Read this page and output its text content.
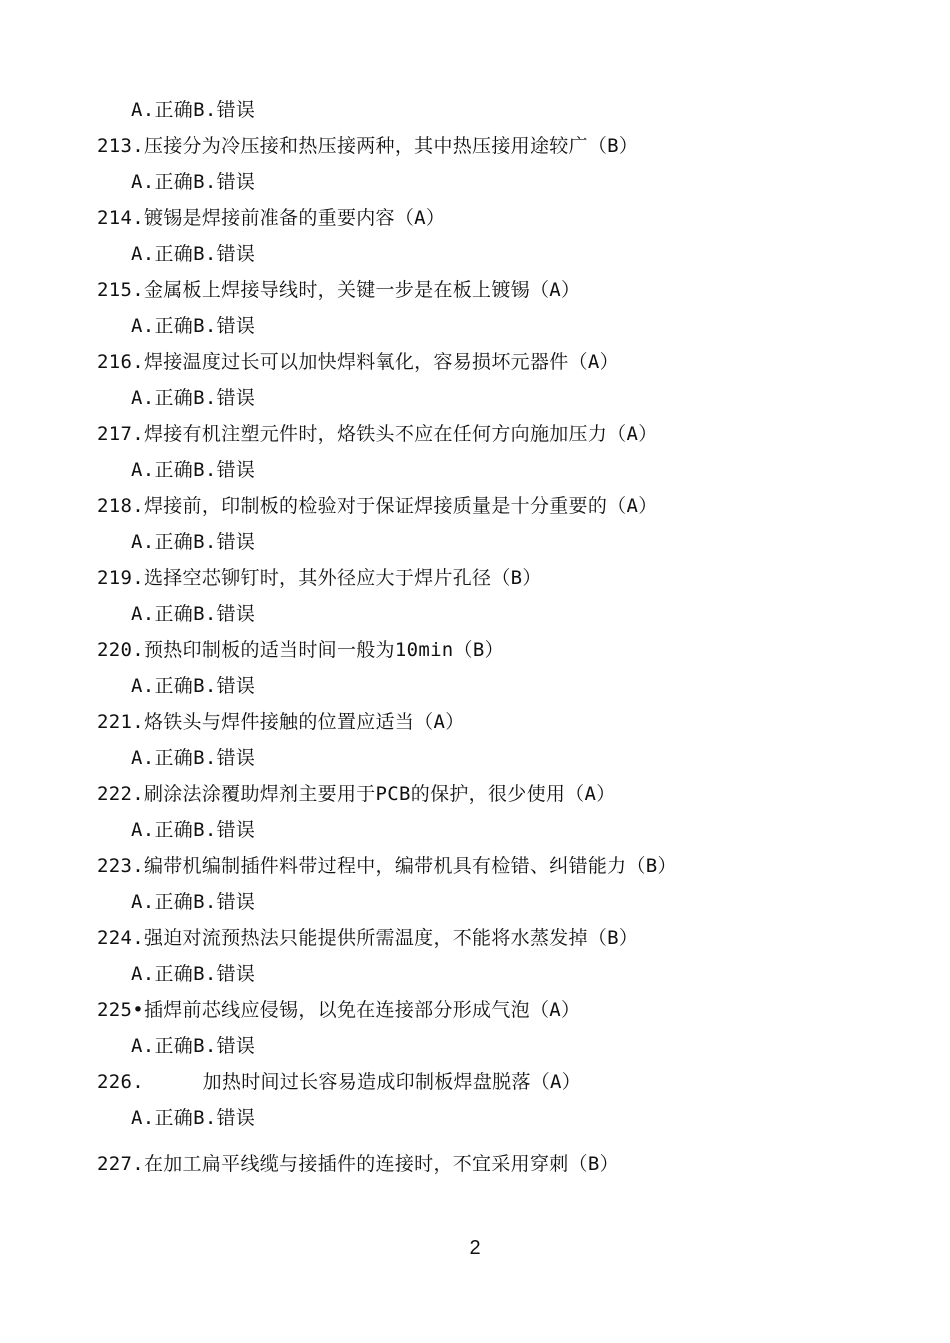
A.正确B.错误
213.压接分为冷压接和热压接两种，其中热压接用途较广（B）
A.正确B.错误
214.镀锡是焊接前准备的重要内容（A）
A.正确B.错误
215.金属板上焊接导线时，关键一步是在板上镀锡（A）
A.正确B.错误
216.焊接温度过长可以加快焊料氧化，容易损坏元器件（A）
A.正确B.错误
217.焊接有机注塑元件时，烙铁头不应在任何方向施加压力（A）
A.正确B.错误
218.焊接前，印制板的检验对于保证焊接质量是十分重要的（A）
A.正确B.错误
219.选择空芯铆钉时，其外径应大于焊片孔径（B）
A.正确B.错误
220.预热印制板的适当时间一般为10min（B）
A.正确B.错误
221.烙铁头与焊件接触的位置应适当（A）
A.正确B.错误
222.刷涂法涂覆助焊剂主要用于PCB的保护，很少使用（A）
A.正确B.错误
223.编带机编制插件料带过程中，编带机具有检错、纠错能力（B）
A.正确B.错误
224.强迫对流预热法只能提供所需温度，不能将水蒸发掉（B）
A.正确B.错误
225•插焊前芯线应侵锡，以免在连接部分形成气泡（A）
A.正确B.错误
226.     加热时间过长容易造成印制板焊盘脱落（A）
A.正确B.错误
227.在加工扁平线缆与接插件的连接时，不宜采用穿刺（B）
2
